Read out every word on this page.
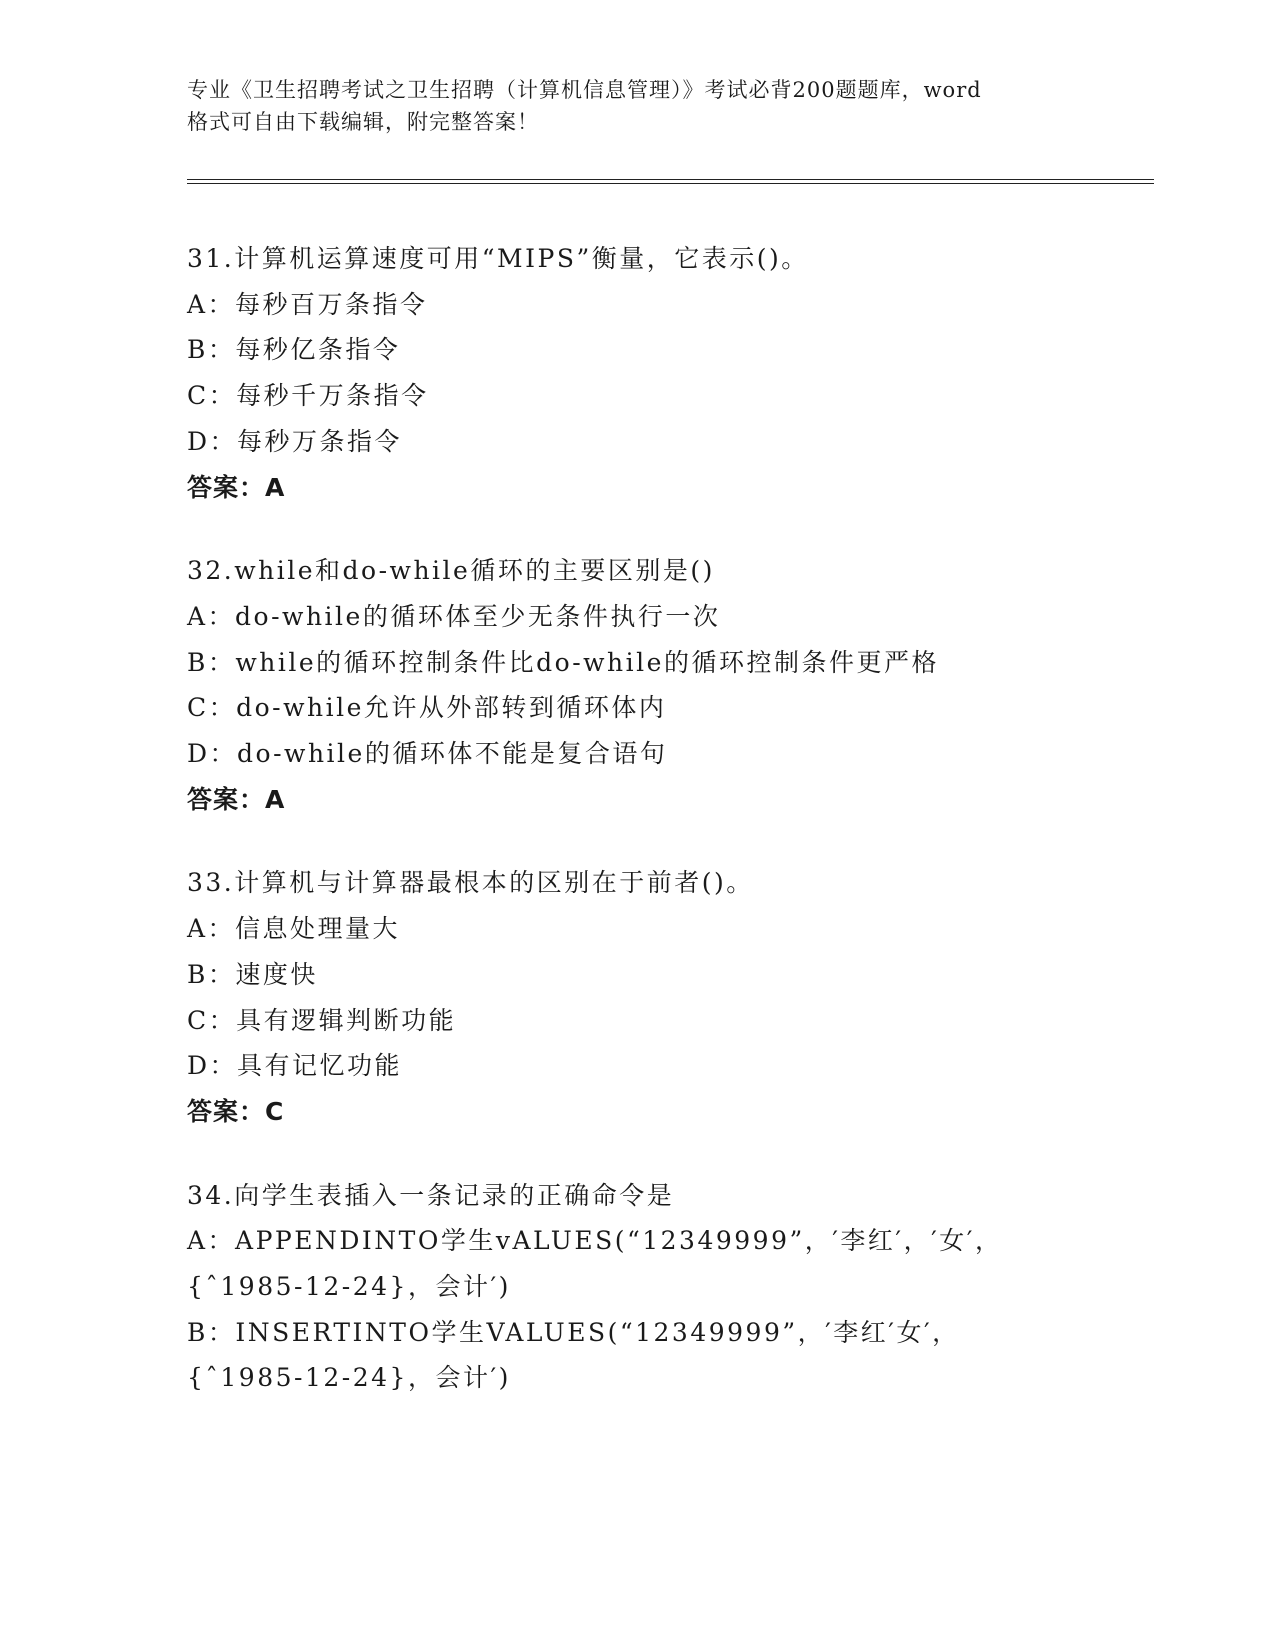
专业《卫生招聘考试之卫生招聘（计算机信息管理）》考试必背200题题库，word
格式可自由下载编辑，附完整答案！
31.计算机运算速度可用“MIPS”衡量，它表示()。
A：每秒百万条指令
B：每秒亿条指令
C：每秒千万条指令
D：每秒万条指令
答案：A
32.while和do-while循环的主要区别是()
A：do-while的循环体至少无条件执行一次
B：while的循环控制条件比do-while的循环控制条件更严格
C：do-while允许从外部转到循环体内
D：do-while的循环体不能是复合语句
答案：A
33.计算机与计算器最根本的区别在于前者()。
A：信息处理量大
B：速度快
C：具有逻辑判断功能
D：具有记忆功能
答案：C
34.向学生表插入一条记录的正确命令是
A：APPENDINTO学生vALUES(“12349999”，′李红′，′女′，{ˆ1985-12-24}，会计′)
B：INSERTINTO学生VALUES(“12349999”，′李红′女′，{ˆ1985-12-24}，会计′)
